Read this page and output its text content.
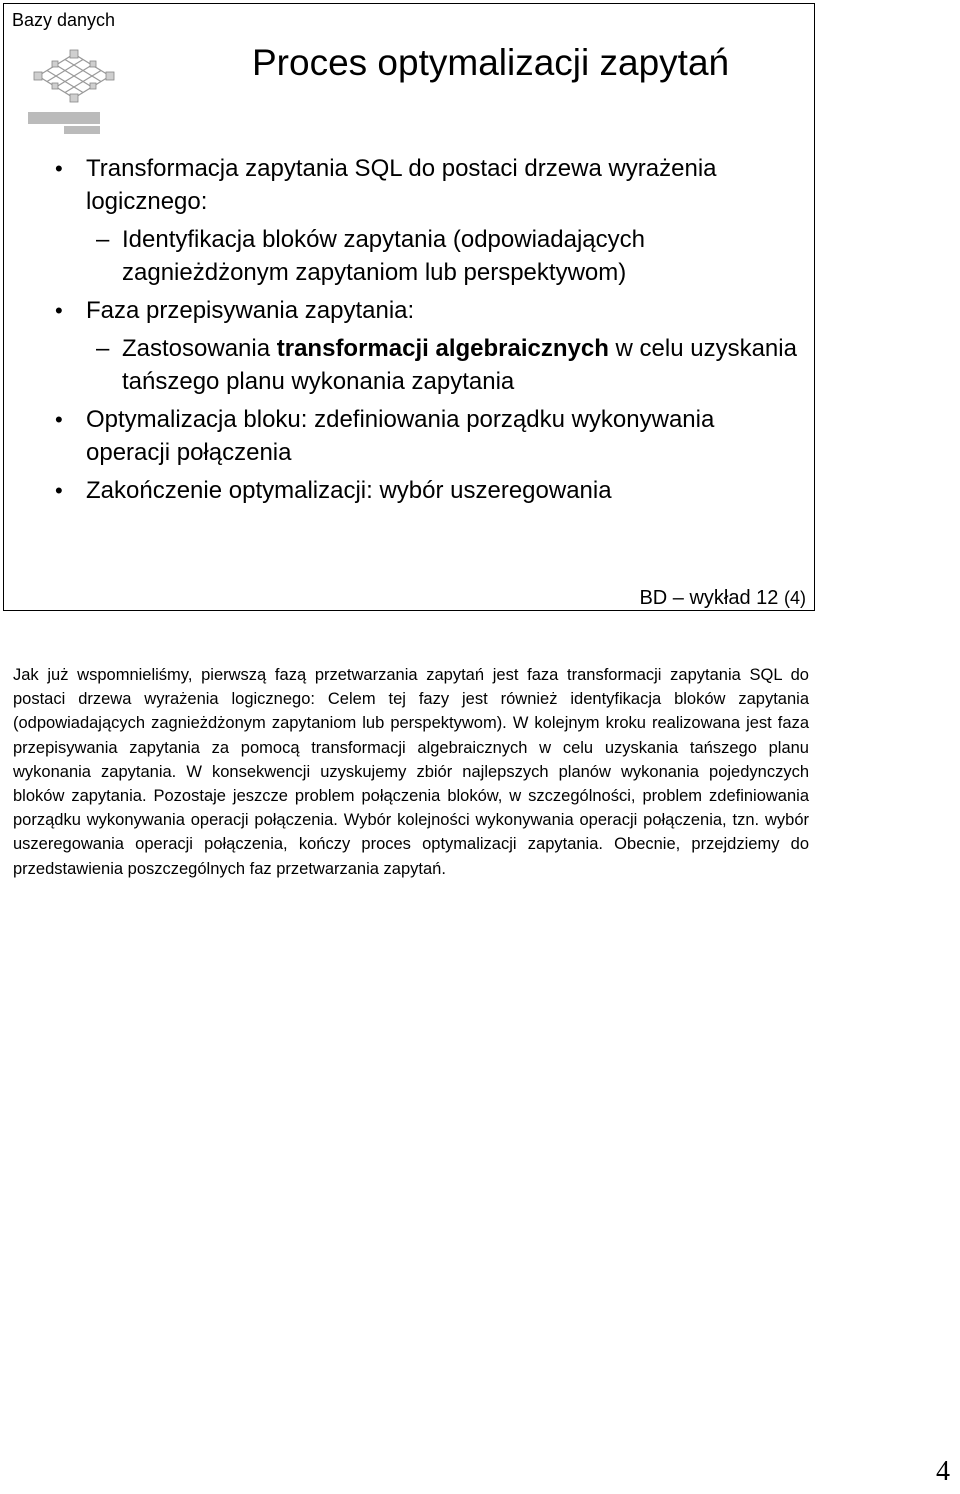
Bazy danych
Proces optymalizacji zapytań
• Transformacja zapytania SQL do postaci drzewa wyrażenia logicznego:
– Identyfikacja bloków zapytania (odpowiadających zagnieżdżonym zapytaniom lub perspektywom)
• Faza przepisywania zapytania:
– Zastosowania transformacji algebraicznych w celu uzyskania tańszego planu wykonania zapytania
• Optymalizacja bloku: zdefiniowania porządku wykonywania operacji połączenia
• Zakończenie optymalizacji: wybór uszeregowania
BD – wykład 12 (4)
Jak już wspomnieliśmy, pierwszą fazą przetwarzania zapytań jest faza transformacji zapytania SQL do postaci drzewa wyrażenia logicznego: Celem tej fazy jest również identyfikacja bloków zapytania (odpowiadających zagnieżdżonym zapytaniom lub perspektywom). W kolejnym kroku realizowana jest faza przepisywania zapytania za pomocą transformacji algebraicznych w celu uzyskania tańszego planu wykonania zapytania. W konsekwencji uzyskujemy zbiór najlepszych planów wykonania pojedynczych bloków zapytania. Pozostaje jeszcze problem połączenia bloków, w szczególności, problem zdefiniowania porządku wykonywania operacji połączenia. Wybór kolejności wykonywania operacji połączenia, tzn. wybór uszeregowania operacji połączenia, kończy proces optymalizacji zapytania. Obecnie, przejdziemy do przedstawienia poszczególnych faz przetwarzania zapytań.
4
